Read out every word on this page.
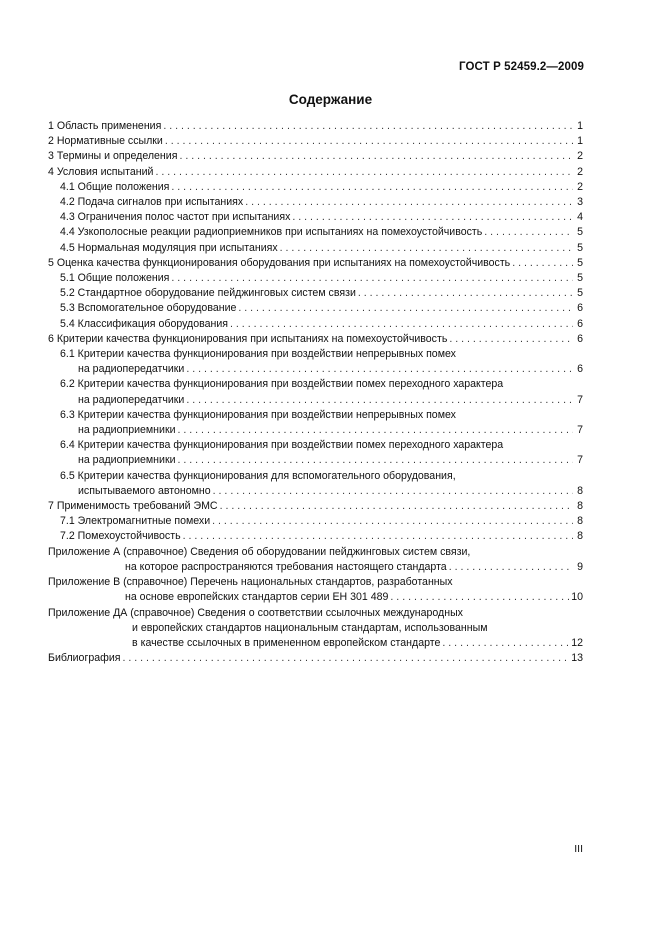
ГОСТ Р 52459.2—2009
Содержание
1 Область применения . . .	1
2 Нормативные ссылки . . .	1
3 Термины и определения . . .	2
4 Условия испытаний . . .	2
4.1 Общие положения . . .	2
4.2 Подача сигналов при испытаниях . . .	3
4.3 Ограничения полос частот при испытаниях . . .	4
4.4 Узкополосные реакции радиоприемников при испытаниях на помехоустойчивость . . .	5
4.5 Нормальная модуляция при испытаниях . . .	5
5 Оценка качества функционирования оборудования при испытаниях на помехоустойчивость . . .	5
5.1 Общие положения . . .	5
5.2 Стандартное оборудование пейджинговых систем связи . . .	5
5.3 Вспомогательное оборудование . . .	6
5.4 Классификация оборудования . . .	6
6 Критерии качества функционирования при испытаниях на помехоустойчивость . . .	6
6.1 Критерии качества функционирования при воздействии непрерывных помех
на радиопередатчики . . .	6
6.2 Критерии качества функционирования при воздействии помех переходного характера
на радиопередатчики . . .	7
6.3 Критерии качества функционирования при воздействии непрерывных помех
на радиоприемники . . .	7
6.4 Критерии качества функционирования при воздействии помех переходного характера
на радиоприемники . . .	7
6.5 Критерии качества функционирования для вспомогательного оборудования,
испытываемого автономно . . .	8
7 Применимость требований ЭМС . . .	8
7.1 Электромагнитные помехи . . .	8
7.2 Помехоустойчивость . . .	8
Приложение А (справочное) Сведения об оборудовании пейджинговых систем связи,
на которое распространяются требования настоящего стандарта . . .	9
Приложение В (справочное) Перечень национальных стандартов, разработанных
на основе европейских стандартов серии ЕН 301 489 . . .	10
Приложение ДА (справочное) Сведения о соответствии ссылочных международных
и европейских стандартов национальным стандартам, использованным
в качестве ссылочных в примененном европейском стандарте . . .	12
Библиография . . .	13
III
